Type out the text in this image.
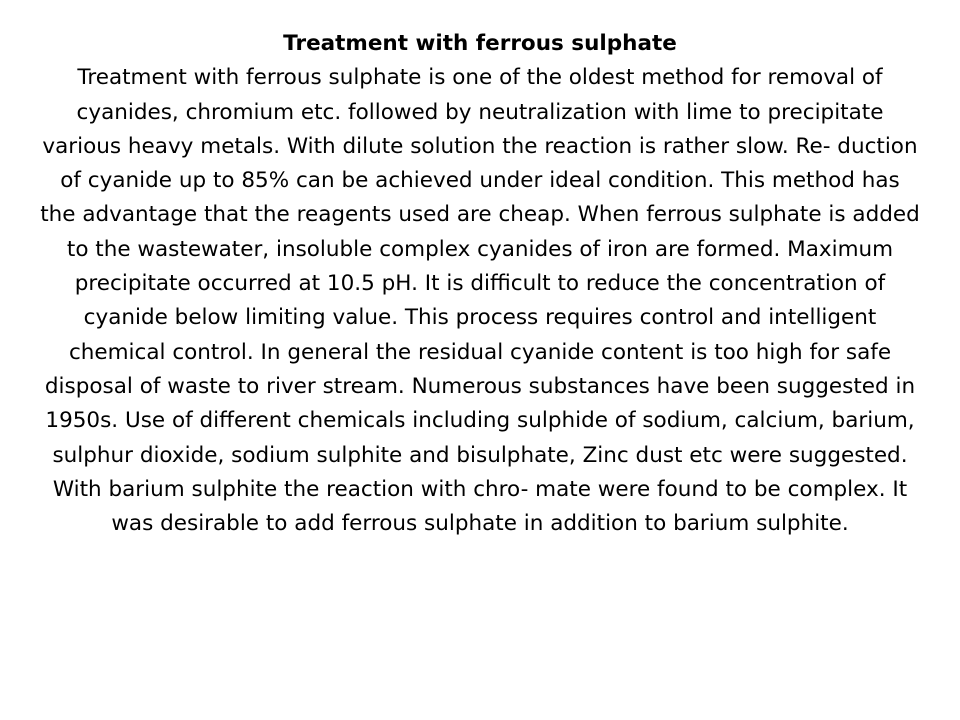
Treatment with ferrous sulphate

Treatment with ferrous sulphate is one of the oldest method for removal of cyanides, chromium etc. followed by neutralization with lime to precipitate various heavy metals. With dilute solution the reaction is rather slow. Re- duction of cyanide up to 85% can be achieved under ideal condition. This method has the advantage that the reagents used are cheap. When ferrous sulphate is added to the wastewater, insoluble complex cyanides of iron are formed. Maximum precipitate occurred at 10.5 pH. It is difficult to reduce the concentration of cyanide below limiting value. This process requires control and intelligent chemical control. In general the residual cyanide content is too high for safe disposal of waste to river stream. Numerous substances have been suggested in 1950s. Use of different chemicals including sulphide of sodium, calcium, barium, sulphur dioxide, sodium sulphite and bisulphate, Zinc dust etc were suggested. With barium sulphite the reaction with chro- mate were found to be complex. It was desirable to add ferrous sulphate in addition to barium sulphite.
